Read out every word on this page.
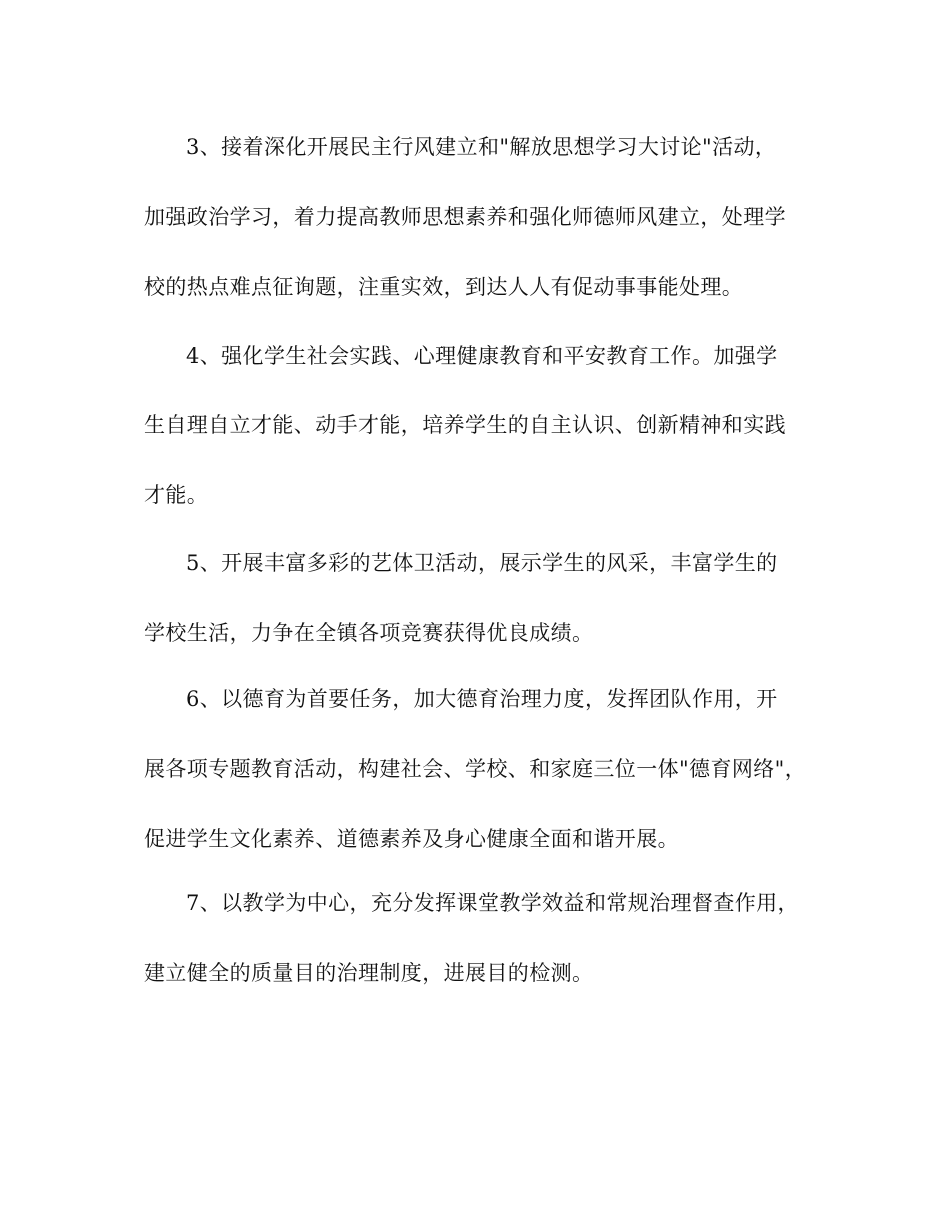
3、接着深化开展民主行风建立和"解放思想学习大讨论"活动，
加强政治学习，着力提高教师思想素养和强化师德师风建立，处理学
校的热点难点征询题，注重实效，到达人人有促动事事能处理。
4、强化学生社会实践、心理健康教育和平安教育工作。加强学
生自理自立才能、动手才能，培养学生的自主认识、创新精神和实践
才能。
5、开展丰富多彩的艺体卫活动，展示学生的风采，丰富学生的
学校生活，力争在全镇各项竞赛获得优良成绩。
6、以德育为首要任务，加大德育治理力度，发挥团队作用，开
展各项专题教育活动，构建社会、学校、和家庭三位一体"德育网络"，
促进学生文化素养、道德素养及身心健康全面和谐开展。
7、以教学为中心，充分发挥课堂教学效益和常规治理督查作用，
建立健全的质量目的治理制度，进展目的检测。
